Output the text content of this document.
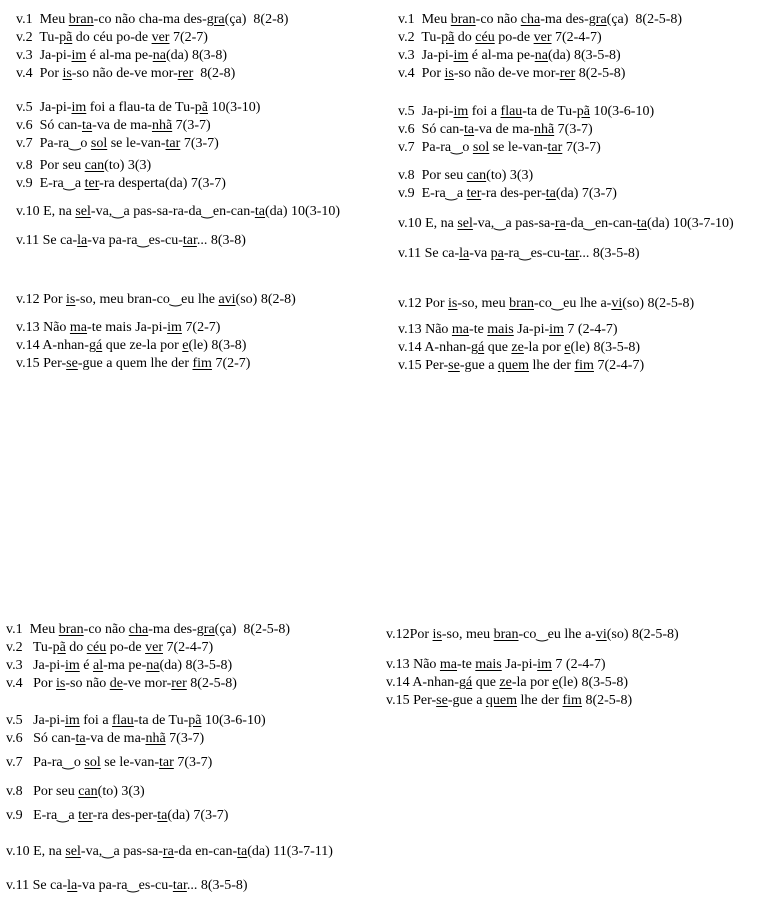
v.1  Meu bran-co não cha-ma des-gra(ça)  8(2-8)
v.2  Tu-pã do céu po-de ver 7(2-7)
v.3  Ja-pi-im é al-ma pe-na(da) 8(3-8)
v.4  Por is-so não de-ve mor-rer  8(2-8)
v.5  Ja-pi-im foi a flau-ta de Tu-pã 10(3-10)
v.6  Só can-ta-va de ma-nhã 7(3-7)
v.7  Pa-ra‿o sol se le-van-tar 7(3-7)
v.8  Por seu can(to) 3(3)
v.9  E-ra‿a ter-ra desperta(da) 7(3-7)
v.10 E, na sel-va,‿a pas-sa-ra-da‿en-can-ta(da) 10(3-10)
v.11 Se ca-la-va pa-ra‿es-cu-tar... 8(3-8)
v.12 Por is-so, meu bran-co‿eu lhe avi(so) 8(2-8)
v.13 Não ma-te mais Ja-pi-im 7(2-7)
v.14 A-nhan-gá que ze-la por e(le) 8(3-8)
v.15 Per-se-gue a quem lhe der fim 7(2-7)
v.1  Meu bran-co não cha-ma des-gra(ça)  8(2-5-8)
v.2  Tu-pã do céu po-de ver 7(2-4-7)
v.3  Ja-pi-im é al-ma pe-na(da) 8(3-5-8)
v.4  Por is-so não de-ve mor-rer 8(2-5-8)
v.5  Ja-pi-im foi a flau-ta de Tu-pã 10(3-6-10)
v.6  Só can-ta-va de ma-nhã 7(3-7)
v.7  Pa-ra‿o sol se le-van-tar 7(3-7)
v.8  Por seu can(to) 3(3)
v.9  E-ra‿a ter-ra des-per-ta(da) 7(3-7)
v.10 E, na sel-va,‿a pas-sa-ra-da‿en-can-ta(da) 10(3-7-10)
v.11 Se ca-la-va pa-ra‿es-cu-tar... 8(3-5-8)
v.12 Por is-so, meu bran-co‿eu lhe a-vi(so) 8(2-5-8)
v.13 Não ma-te mais Ja-pi-im 7 (2-4-7)
v.14 A-nhan-gá que ze-la por e(le) 8(3-5-8)
v.15 Per-se-gue a quem lhe der fim 7(2-4-7)
v.1  Meu bran-co não cha-ma des-gra(ça)  8(2-5-8)
v.2   Tu-pã do céu po-de ver 7(2-4-7)
v.3   Ja-pi-im é al-ma pe-na(da) 8(3-5-8)
v.4   Por is-so não de-ve mor-rer 8(2-5-8)
v.5   Ja-pi-im foi a flau-ta de Tu-pã 10(3-6-10)
v.6   Só can-ta-va de ma-nhã 7(3-7)
v.7   Pa-ra‿o sol se le-van-tar 7(3-7)
v.8   Por seu can(to) 3(3)
v.9   E-ra‿a ter-ra des-per-ta(da) 7(3-7)
v.10 E, na sel-va,‿a pas-sa-ra-da en-can-ta(da) 11(3-7-11)
v.11 Se ca-la-va pa-ra‿es-cu-tar... 8(3-5-8)
v.12Por is-so, meu bran-co‿eu lhe a-vi(so) 8(2-5-8)
v.13 Não ma-te mais Ja-pi-im 7 (2-4-7)
v.14 A-nhan-gá que ze-la por e(le) 8(3-5-8)
v.15 Per-se-gue a quem lhe der fim 8(2-5-8)
